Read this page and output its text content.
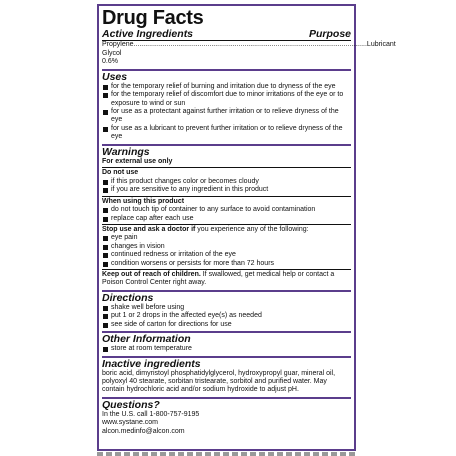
Drug Facts
Active Ingredients	Purpose
Propylene Glycol 0.6%
........................................................................................................................ Lubricant
Uses
for the temporary relief of burning and irritation due to dryness of the eye
for the temporary relief of discomfort due to minor irritations of the eye or to exposure to wind or sun
for use as a protectant against further irritation or to relieve dryness of the eye
for use as a lubricant to prevent further irritation or to relieve dryness of the eye
Warnings
For external use only
Do not use
if this product changes color or becomes cloudy
if you are sensitive to any ingredient in this product
When using this product
do not touch tip of container to any surface to avoid contamination
replace cap after each use
Stop use and ask a doctor if you experience any of the following:
eye pain
changes in vision
continued redness or irritation of the eye
condition worsens or persists for more than 72 hours
Keep out of reach of children. If swallowed, get medical help or contact a Poison Control Center right away.
Directions
shake well before using
put 1 or 2 drops in the affected eye(s) as needed
see side of carton for directions for use
Other Information
store at room temperature
Inactive ingredients
boric acid, dimyristoyl phosphatidylglycerol, hydroxypropyl guar, mineral oil, polyoxyl 40 stearate, sorbitan tristearate, sorbitol and purified water. May contain hydrochloric acid and/or sodium hydroxide to adjust pH.
Questions?
In the U.S. call 1-800-757-9195
www.systane.com
alcon.medinfo@alcon.com
